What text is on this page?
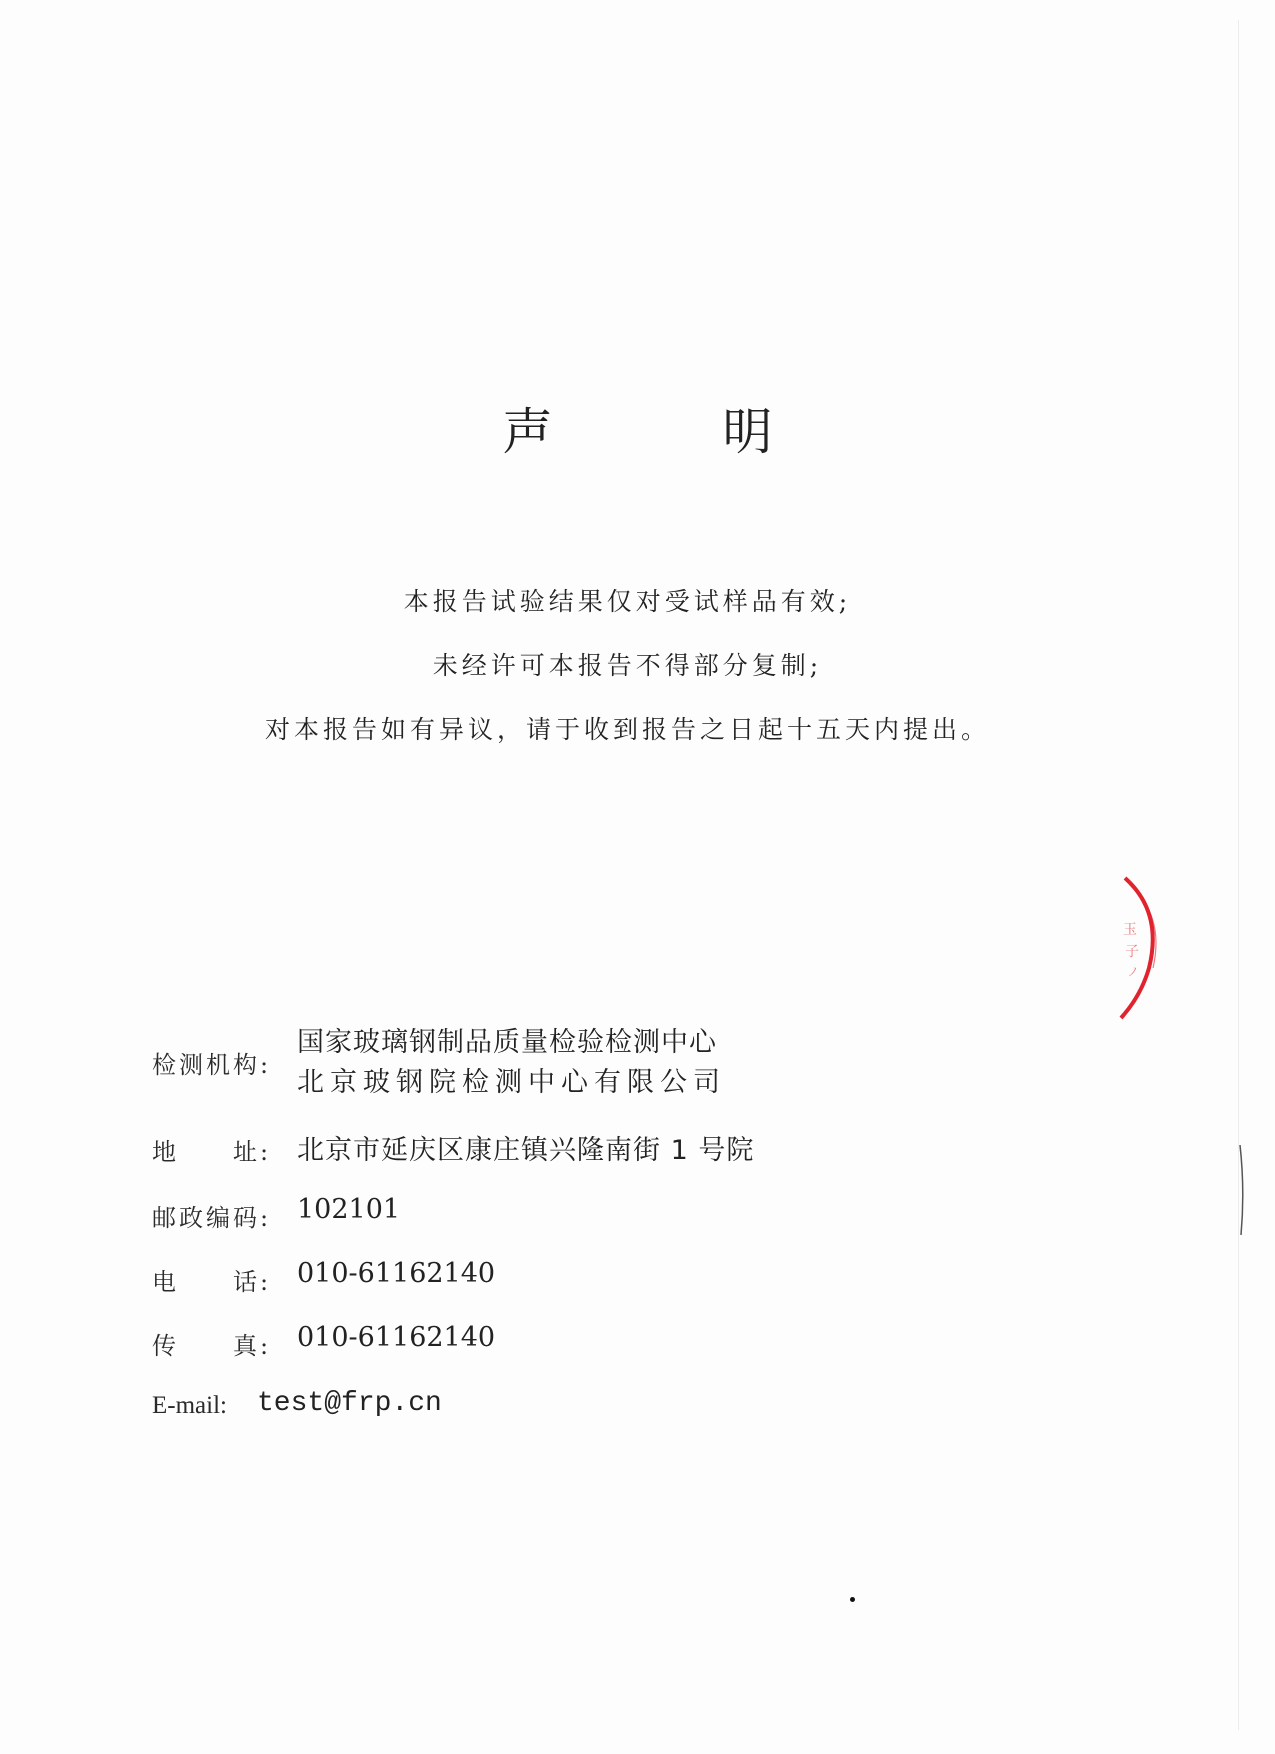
声　明
本报告试验结果仅对受试样品有效;
未经许可本报告不得部分复制;
对本报告如有异议，请于收到报告之日起十五天内提出。
检测机构:
国家玻璃钢制品质量检验检测中心
北京玻钢院检测中心有限公司
地　　址: 北京市延庆区康庄镇兴隆南街 1 号院
邮政编码: 102101
电　　话: 010-61162140
传　　真: 010-61162140
E-mail: test@frp.cn
玉
子
ノ
